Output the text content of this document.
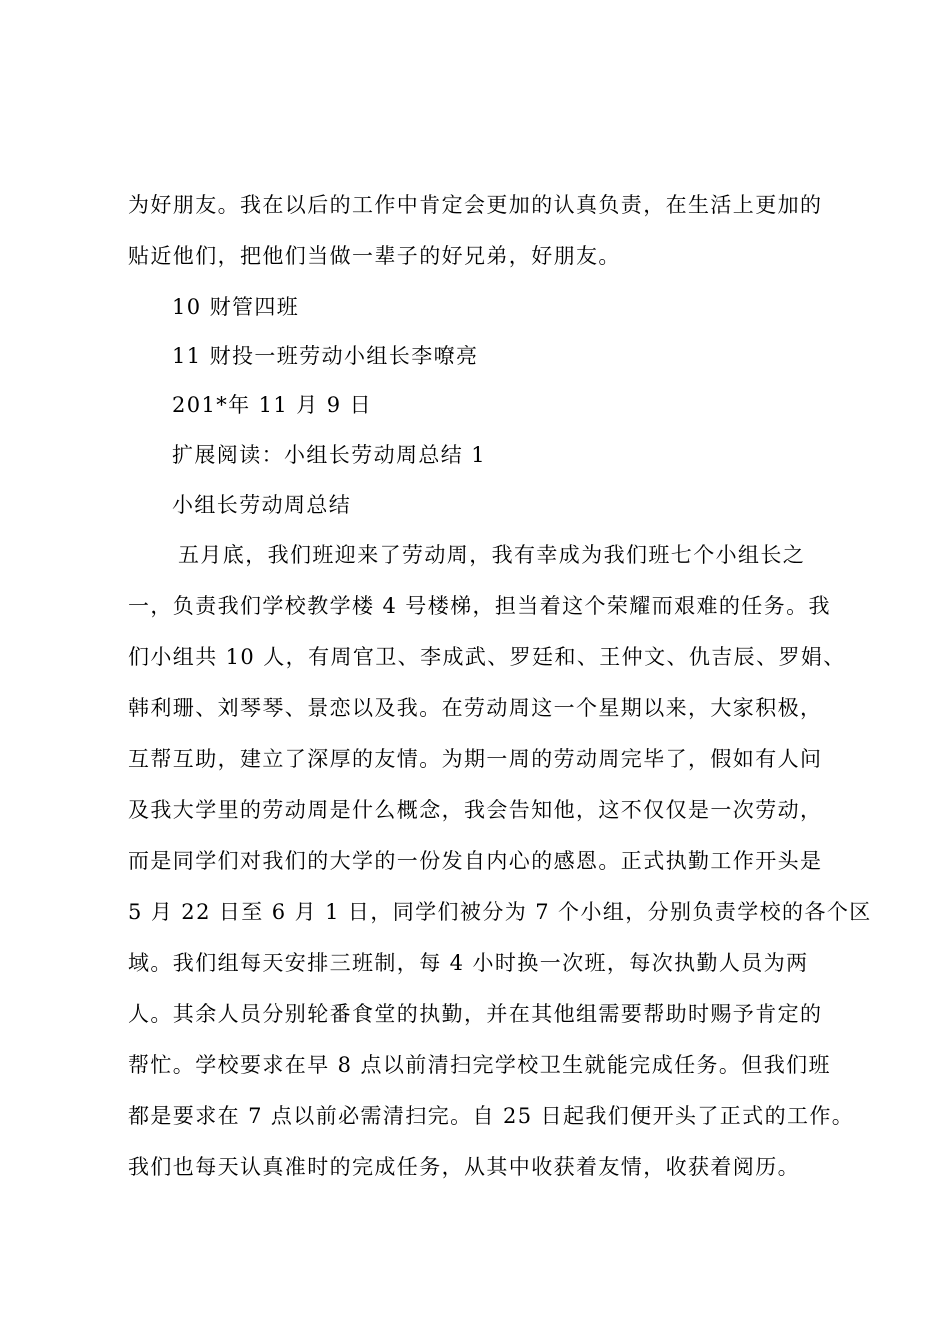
为好朋友。我在以后的工作中肯定会更加的认真负责，在生活上更加的
贴近他们，把他们当做一辈子的好兄弟，好朋友。
10 财管四班
11 财投一班劳动小组长李嘹亮
201*年 11 月 9 日
扩展阅读：小组长劳动周总结 1
小组长劳动周总结
五月底，我们班迎来了劳动周，我有幸成为我们班七个小组长之
一，负责我们学校教学楼 4 号楼梯，担当着这个荣耀而艰难的任务。我
们小组共 10 人，有周官卫、李成武、罗廷和、王仲文、仇吉辰、罗娟、
韩利珊、刘琴琴、景恋以及我。在劳动周这一个星期以来，大家积极，
互帮互助，建立了深厚的友情。为期一周的劳动周完毕了，假如有人问
及我大学里的劳动周是什么概念，我会告知他，这不仅仅是一次劳动，
而是同学们对我们的大学的一份发自内心的感恩。正式执勤工作开头是
5 月 22 日至 6 月 1 日，同学们被分为 7 个小组，分别负责学校的各个区
域。我们组每天安排三班制，每 4 小时换一次班，每次执勤人员为两
人。其余人员分别轮番食堂的执勤，并在其他组需要帮助时赐予肯定的
帮忙。学校要求在早 8 点以前清扫完学校卫生就能完成任务。但我们班
都是要求在 7 点以前必需清扫完。自 25 日起我们便开头了正式的工作。
我们也每天认真准时的完成任务，从其中收获着友情，收获着阅历。
